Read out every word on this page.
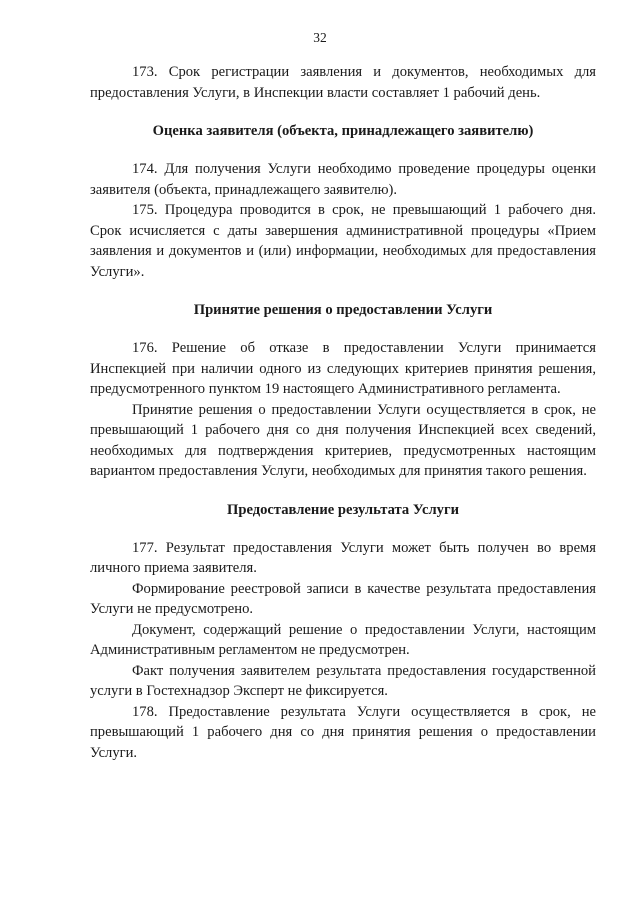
32

173. Срок регистрации заявления и документов, необходимых для предоставления Услуги, в Инспекции власти составляет 1 рабочий день.

Оценка заявителя (объекта, принадлежащего заявителю)

174. Для получения Услуги необходимо проведение процедуры оценки заявителя (объекта, принадлежащего заявителю).

175. Процедура проводится в срок, не превышающий 1 рабочего дня. Срок исчисляется с даты завершения административной процедуры «Прием заявления и документов и (или) информации, необходимых для предоставления Услуги».

Принятие решения о предоставлении Услуги

176. Решение об отказе в предоставлении Услуги принимается Инспекцией при наличии одного из следующих критериев принятия решения, предусмотренного пунктом 19 настоящего Административного регламента.

Принятие решения о предоставлении Услуги осуществляется в срок, не превышающий 1 рабочего дня со дня получения Инспекцией всех сведений, необходимых для подтверждения критериев, предусмотренных настоящим вариантом предоставления Услуги, необходимых для принятия такого решения.

Предоставление результата Услуги

177. Результат предоставления Услуги может быть получен во время личного приема заявителя.

Формирование реестровой записи в качестве результата предоставления Услуги не предусмотрено.

Документ, содержащий решение о предоставлении Услуги, настоящим Административным регламентом не предусмотрен.

Факт получения заявителем результата предоставления государственной услуги в Гостехнадзор Эксперт не фиксируется.

178. Предоставление результата Услуги осуществляется в срок, не превышающий 1 рабочего дня со дня принятия решения о предоставлении Услуги.
